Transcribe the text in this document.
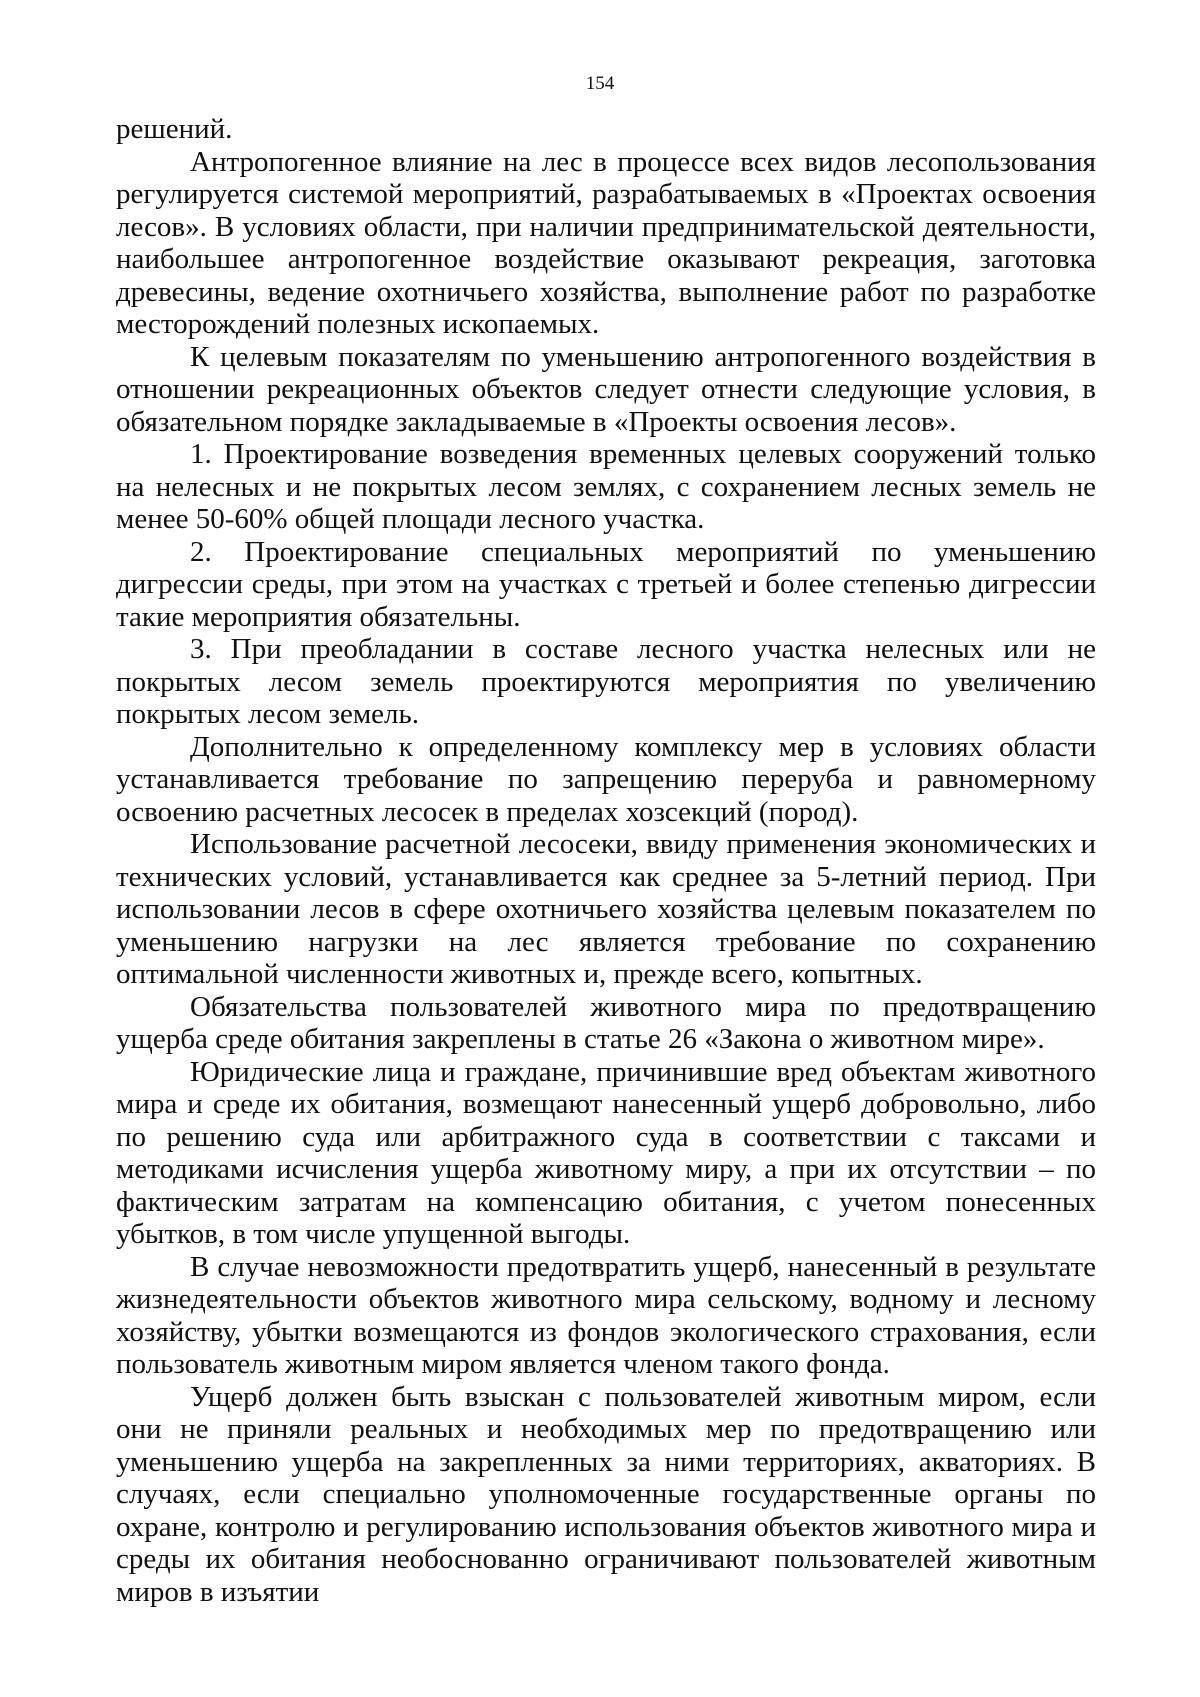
154

решений.

Антропогенное влияние на лес в процессе всех видов лесопользования регулируется системой мероприятий, разрабатываемых в «Проектах освоения лесов». В условиях области, при наличии предпринимательской деятельности, наибольшее антропогенное воздействие оказывают рекреация, заготовка древесины, ведение охотничьего хозяйства, выполнение работ по разработке месторождений полезных ископаемых.

К целевым показателям по уменьшению антропогенного воздействия в отношении рекреационных объектов следует отнести следующие условия, в обязательном порядке закладываемые в «Проекты освоения лесов».

1. Проектирование возведения временных целевых сооружений только на нелесных и не покрытых лесом землях, с сохранением лесных земель не менее 50-60% общей площади лесного участка.

2. Проектирование специальных мероприятий по уменьшению дигрессии среды, при этом на участках с третьей и более степенью дигрессии такие мероприятия обязательны.

3. При преобладании в составе лесного участка нелесных или не покрытых лесом земель проектируются мероприятия по увеличению покрытых лесом земель.

Дополнительно к определенному комплексу мер в условиях области устанавливается требование по запрещению переруба и равномерному освоению расчетных лесосек в пределах хозсекций (пород).

Использование расчетной лесосеки, ввиду применения экономических и технических условий, устанавливается как среднее за 5-летний период. При использовании лесов в сфере охотничьего хозяйства целевым показателем по уменьшению нагрузки на лес является требование по сохранению оптимальной численности животных и, прежде всего, копытных.

Обязательства пользователей животного мира по предотвращению ущерба среде обитания закреплены в статье 26 «Закона о животном мире».

Юридические лица и граждане, причинившие вред объектам животного мира и среде их обитания, возмещают нанесенный ущерб добровольно, либо по решению суда или арбитражного суда в соответствии с таксами и методиками исчисления ущерба животному миру, а при их отсутствии – по фактическим затратам на компенсацию обитания, с учетом понесенных убытков, в том числе упущенной выгоды.

В случае невозможности предотвратить ущерб, нанесенный в результате жизнедеятельности объектов животного мира сельскому, водному и лесному хозяйству, убытки возмещаются из фондов экологического страхования, если пользователь животным миром является членом такого фонда.

Ущерб должен быть взыскан с пользователей животным миром, если они не приняли реальных и необходимых мер по предотвращению или уменьшению ущерба на закрепленных за ними территориях, акваториях. В случаях, если специально уполномоченные государственные органы по охране, контролю и регулированию использования объектов животного мира и среды их обитания необоснованно ограничивают пользователей животным миров в изъятии
